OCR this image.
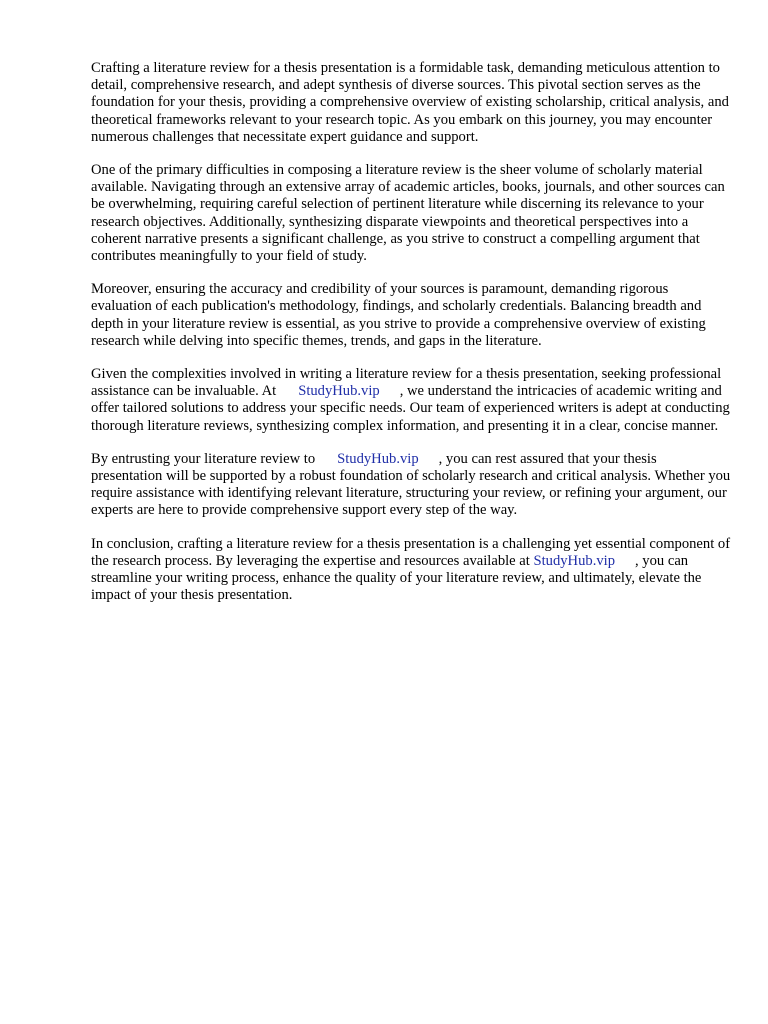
Crafting a literature review for a thesis presentation is a formidable task, demanding meticulous attention to detail, comprehensive research, and adept synthesis of diverse sources. This pivotal section serves as the foundation for your thesis, providing a comprehensive overview of existing scholarship, critical analysis, and theoretical frameworks relevant to your research topic. As you embark on this journey, you may encounter numerous challenges that necessitate expert guidance and support.

One of the primary difficulties in composing a literature review is the sheer volume of scholarly material available. Navigating through an extensive array of academic articles, books, journals, and other sources can be overwhelming, requiring careful selection of pertinent literature while discerning its relevance to your research objectives. Additionally, synthesizing disparate viewpoints and theoretical perspectives into a coherent narrative presents a significant challenge, as you strive to construct a compelling argument that contributes meaningfully to your field of study.

Moreover, ensuring the accuracy and credibility of your sources is paramount, demanding rigorous evaluation of each publication's methodology, findings, and scholarly credentials. Balancing breadth and depth in your literature review is essential, as you strive to provide a comprehensive overview of existing research while delving into specific themes, trends, and gaps in the literature.

Given the complexities involved in writing a literature review for a thesis presentation, seeking professional assistance can be invaluable. At StudyHub.vip , we understand the intricacies of academic writing and offer tailored solutions to address your specific needs. Our team of experienced writers is adept at conducting thorough literature reviews, synthesizing complex information, and presenting it in a clear, concise manner.

By entrusting your literature review to StudyHub.vip , you can rest assured that your thesis presentation will be supported by a robust foundation of scholarly research and critical analysis. Whether you require assistance with identifying relevant literature, structuring your review, or refining your argument, our experts are here to provide comprehensive support every step of the way.

In conclusion, crafting a literature review for a thesis presentation is a challenging yet essential component of the research process. By leveraging the expertise and resources available at StudyHub.vip , you can streamline your writing process, enhance the quality of your literature review, and ultimately, elevate the impact of your thesis presentation.
